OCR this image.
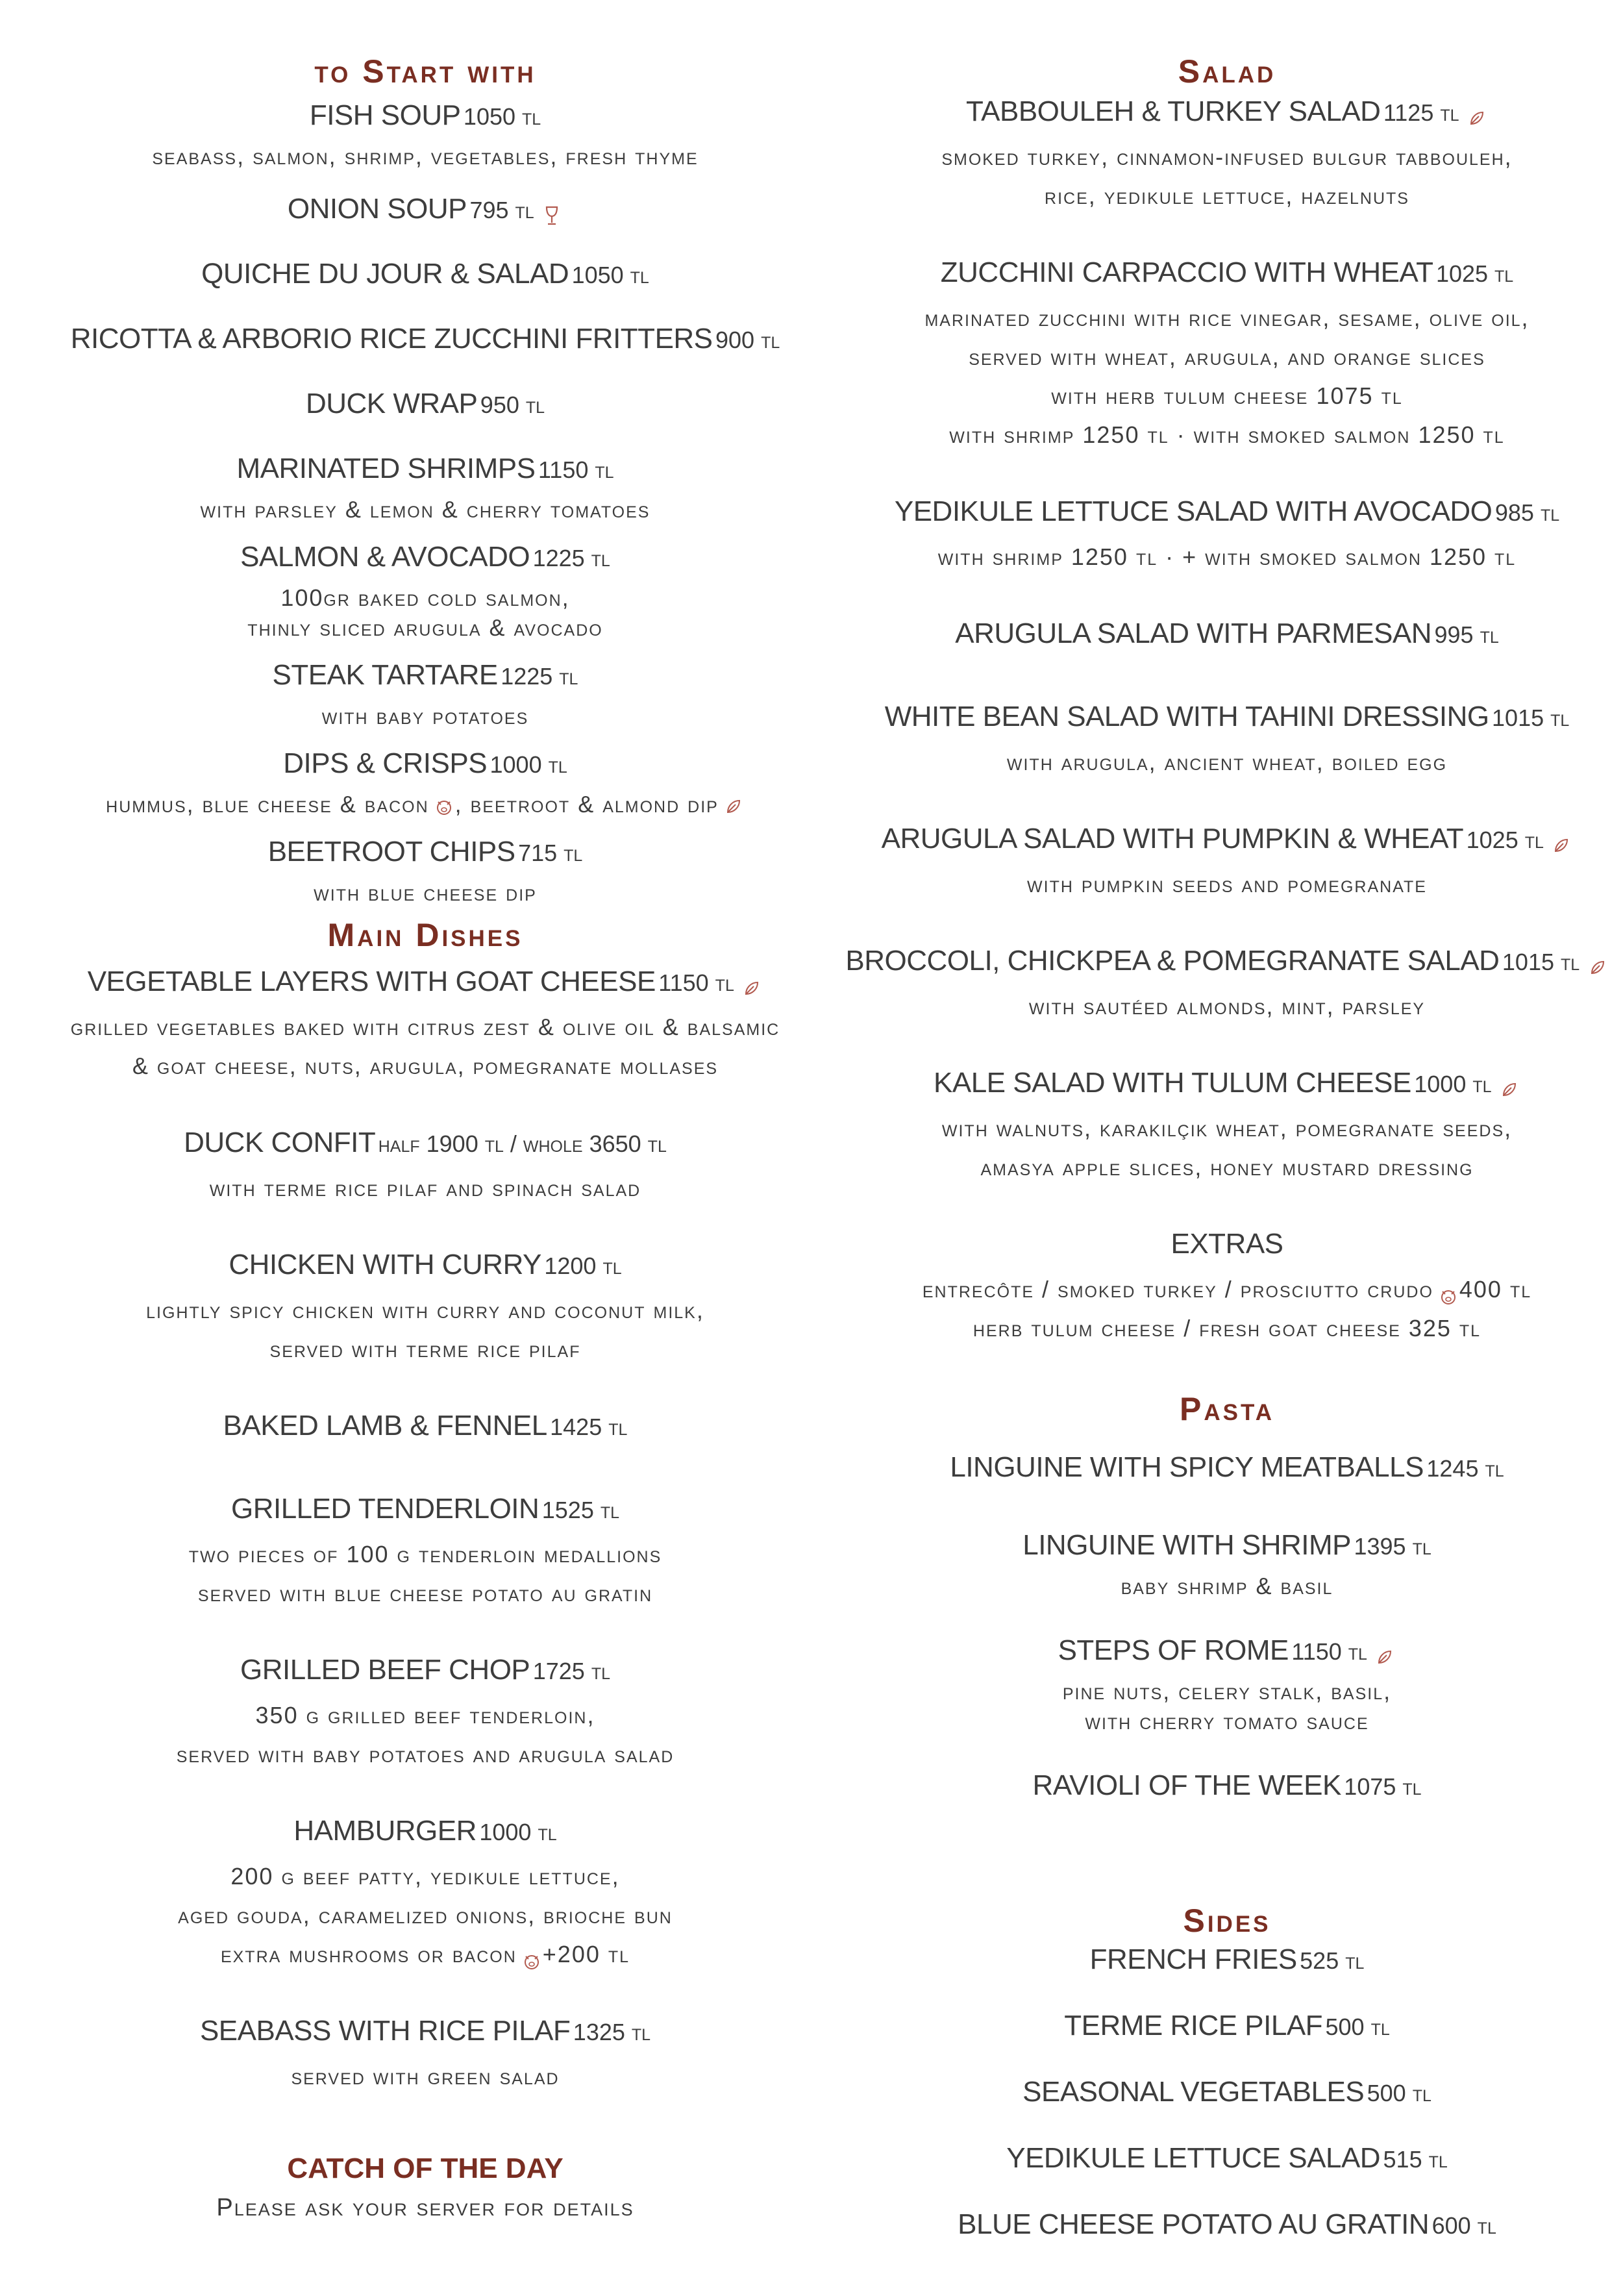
to Start with
FISH SOUP 1050 tl
seabass, salmon, shrimp, vegetables, fresh thyme
ONION SOUP 795 tl
QUICHE DU JOUR & SALAD 1050 tl
RICOTTA & ARBORIO RICE ZUCCHINI FRITTERS 900 tl
DUCK WRAP 950 tl
MARINATED SHRIMPS 1150 tl
with parsley & lemon & cherry tomatoes
SALMON & AVOCADO 1225 tl
100gr baked cold salmon,
thinly sliced arugula & avocado
STEAK TARTARE 1225 tl
with baby potatoes
DIPS & CRISPS 1000 tl
hummus, blue cheese & bacon , beetroot & almond dip
BEETROOT CHIPS 715 tl
with blue cheese dip
Main Dishes
VEGETABLE LAYERS WITH GOAT CHEESE 1150 tl
grilled vegetables baked with citrus zest & olive oil & balsamic
& goat cheese, nuts, arugula, pomegranate mollases
DUCK CONFIT half 1900 tl / whole 3650 tl
with terme rice pilaf and spinach salad
CHICKEN WITH CURRY 1200 tl
lightly spicy chicken with curry and coconut milk,
served with terme rice pilaf
BAKED LAMB & FENNEL 1425 tl
GRILLED TENDERLOIN 1525 tl
two pieces of 100 g tenderloin medallions
served with blue cheese potato au gratin
GRILLED BEEF CHOP 1725 tl
350 g grilled beef tenderloin,
served with baby potatoes and arugula salad
HAMBURGER 1000 tl
200 g beef patty, yedikule lettuce,
aged gouda, caramelized onions, brioche bun
extra mushrooms or bacon +200 tl
SEABASS WITH RICE PILAF 1325 tl
served with green salad
CATCH OF THE DAY
Please ask your server for details
Salad
TABBOULEH & TURKEY SALAD 1125 tl
smoked turkey, cinnamon-infused bulgur tabbouleh,
rice, yedikule lettuce, hazelnuts
ZUCCHINI CARPACCIO WITH WHEAT 1025 tl
marinated zucchini with rice vinegar, sesame, olive oil,
served with wheat, arugula, and orange slices
with herb tulum cheese 1075 tl
with shrimp 1250 tl · with smoked salmon 1250 tl
YEDIKULE LETTUCE SALAD WITH AVOCADO 985 tl
with shrimp 1250 tl · + with smoked salmon 1250 tl
ARUGULA SALAD WITH PARMESAN 995 tl
WHITE BEAN SALAD WITH TAHINI DRESSING 1015 tl
with arugula, ancient wheat, boiled egg
ARUGULA SALAD WITH PUMPKIN & WHEAT 1025 tl
with pumpkin seeds and pomegranate
BROCCOLI, CHICKPEA & POMEGRANATE SALAD 1015 tl
with sautéed almonds, mint, parsley
KALE SALAD WITH TULUM CHEESE 1000 tl
with walnuts, karakılçık wheat, pomegranate seeds,
amasya apple slices, honey mustard dressing
EXTRAS
entrecôte / smoked turkey / prosciutto crudo 400 tl
herb tulum cheese / fresh goat cheese 325 tl
Pasta
LINGUINE WITH SPICY MEATBALLS 1245 tl
LINGUINE WITH SHRIMP 1395 tl
baby shrimp & basil
STEPS OF ROME 1150 tl
pine nuts, celery stalk, basil,
with cherry tomato sauce
RAVIOLI OF THE WEEK 1075 tl
Sides
FRENCH FRIES 525 tl
TERME RICE PILAF 500 tl
SEASONAL VEGETABLES 500 tl
YEDIKULE LETTUCE SALAD 515 tl
BLUE CHEESE POTATO AU GRATIN 600 tl
